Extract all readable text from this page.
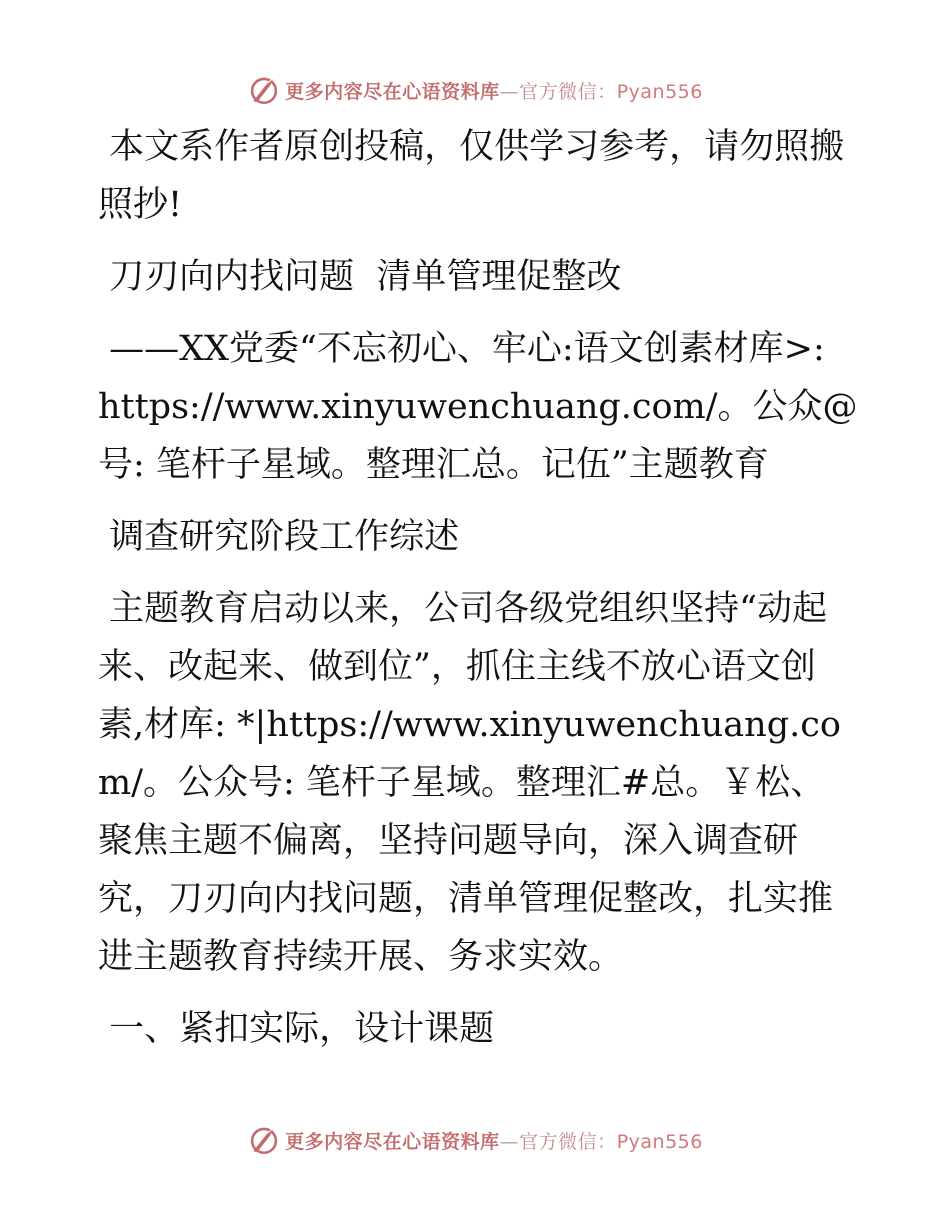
更多内容尽在心语资料库—官方微信：Pyan556

本文系作者原创投稿，仅供学习参考，请勿照搬照抄!

刀刃向内找问题  清单管理促整改

——XX党委“不忘初心、牢心:语文创素材库>: https://www.xinyuwenchuang.com/。公众@号: 笔杆子星域。整理汇总。记伍”主题教育

调查研究阶段工作综述

主题教育启动以来，公司各级党组织坚持“动起来、改起来、做到位”，抓住主线不放心语文创素,材库: *|https://www.xinyuwenchuang.com/。公众号: 笔杆子星域。整理汇#总。￥松、聚焦主题不偏离，坚持问题导向，深入调查研究，刀刃向内找问题，清单管理促整改，扎实推进主题教育持续开展、务求实效。

一、紧扣实际，设计课题

更多内容尽在心语资料库—官方微信：Pyan556
